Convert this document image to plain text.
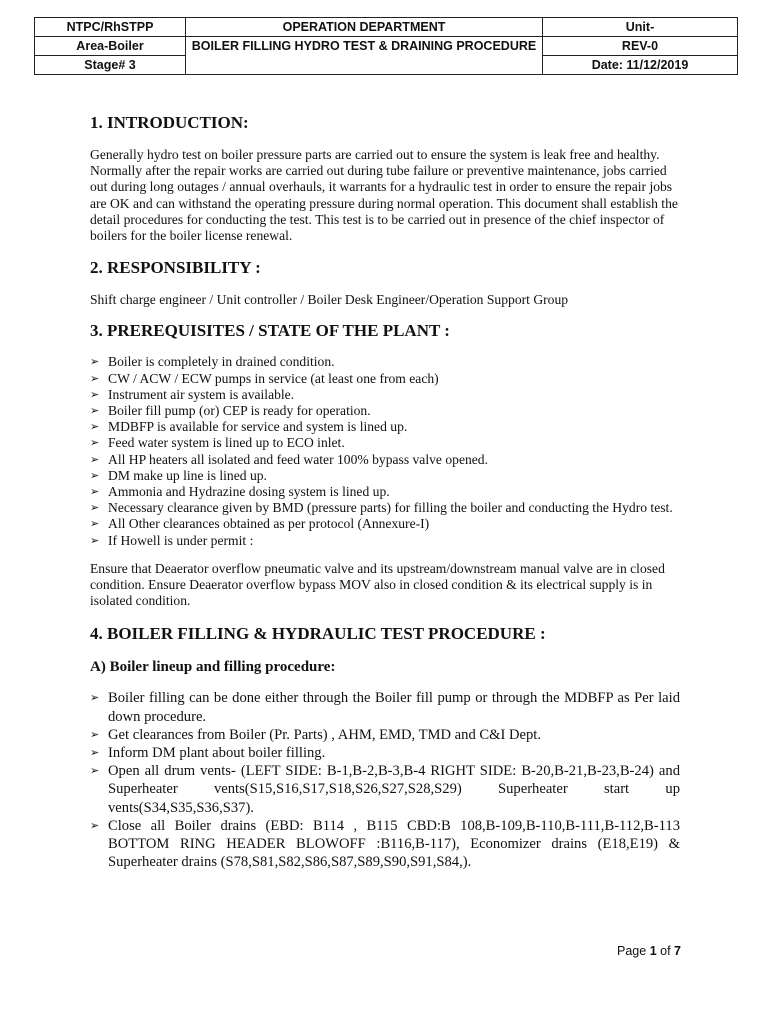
NTPC/RhSTPP	OPERATION DEPARTMENT	Unit-
Area-Boiler	BOILER FILLING HYDRO TEST & DRAINING PROCEDURE	REV-0
Stage# 3		Date: 11/12/2019
1. INTRODUCTION:

Generally hydro test on boiler pressure parts are carried out to ensure the system is leak free and healthy. Normally after the repair works are carried out during tube failure or preventive maintenance, jobs carried out during long outages / annual overhauls, it warrants for a hydraulic test in order to ensure the repair jobs are OK and can withstand the operating pressure during normal operation. This document shall establish the detail procedures for conducting the test. This test is to be carried out in presence of the chief inspector of boilers for the boiler license renewal.

2. RESPONSIBILITY :

Shift charge engineer / Unit controller / Boiler Desk Engineer/Operation Support Group

3. PREREQUISITES / STATE OF THE PLANT :
➢ Boiler is completely in drained condition.
➢ CW / ACW / ECW pumps in service (at least one from each)
➢ Instrument air system is available.
➢ Boiler fill pump (or) CEP is ready for operation.
➢ MDBFP is available for service and system is lined up.
➢ Feed water system is lined up to ECO inlet.
➢ All HP heaters all isolated and feed water 100% bypass valve opened.
➢ DM make up line is lined up.
➢ Ammonia and Hydrazine dosing system is lined up.
➢ Necessary clearance given by BMD (pressure parts) for filling the boiler and conducting the Hydro test.
➢ All Other clearances obtained as per protocol (Annexure-I)
➢ If Howell is under permit :

Ensure that Deaerator overflow pneumatic valve and its upstream/downstream manual valve are in closed condition. Ensure Deaerator overflow bypass MOV also in closed condition & its electrical supply is in isolated condition.

4. BOILER FILLING & HYDRAULIC TEST PROCEDURE :
A) Boiler lineup and filling procedure:
➢ Boiler filling can be done either through the Boiler fill pump or through the MDBFP as Per laid down procedure.
➢ Get clearances from Boiler (Pr. Parts) , AHM, EMD, TMD and C&I Dept.
➢ Inform DM plant about boiler filling.
➢ Open all drum vents- (LEFT SIDE: B-1,B-2,B-3,B-4 RIGHT SIDE: B-20,B-21,B-23,B-24) and Superheater vents(S15,S16,S17,S18,S26,S27,S28,S29) Superheater start up vents(S34,S35,S36,S37).
➢ Close all Boiler drains (EBD: B114 , B115 CBD:B 108,B-109,B-110,B-111,B-112,B-113 BOTTOM RING HEADER BLOWOFF :B116,B-117), Economizer drains (E18,E19) & Superheater drains (S78,S81,S82,S86,S87,S89,S90,S91,S84,).
Page 1 of 7
